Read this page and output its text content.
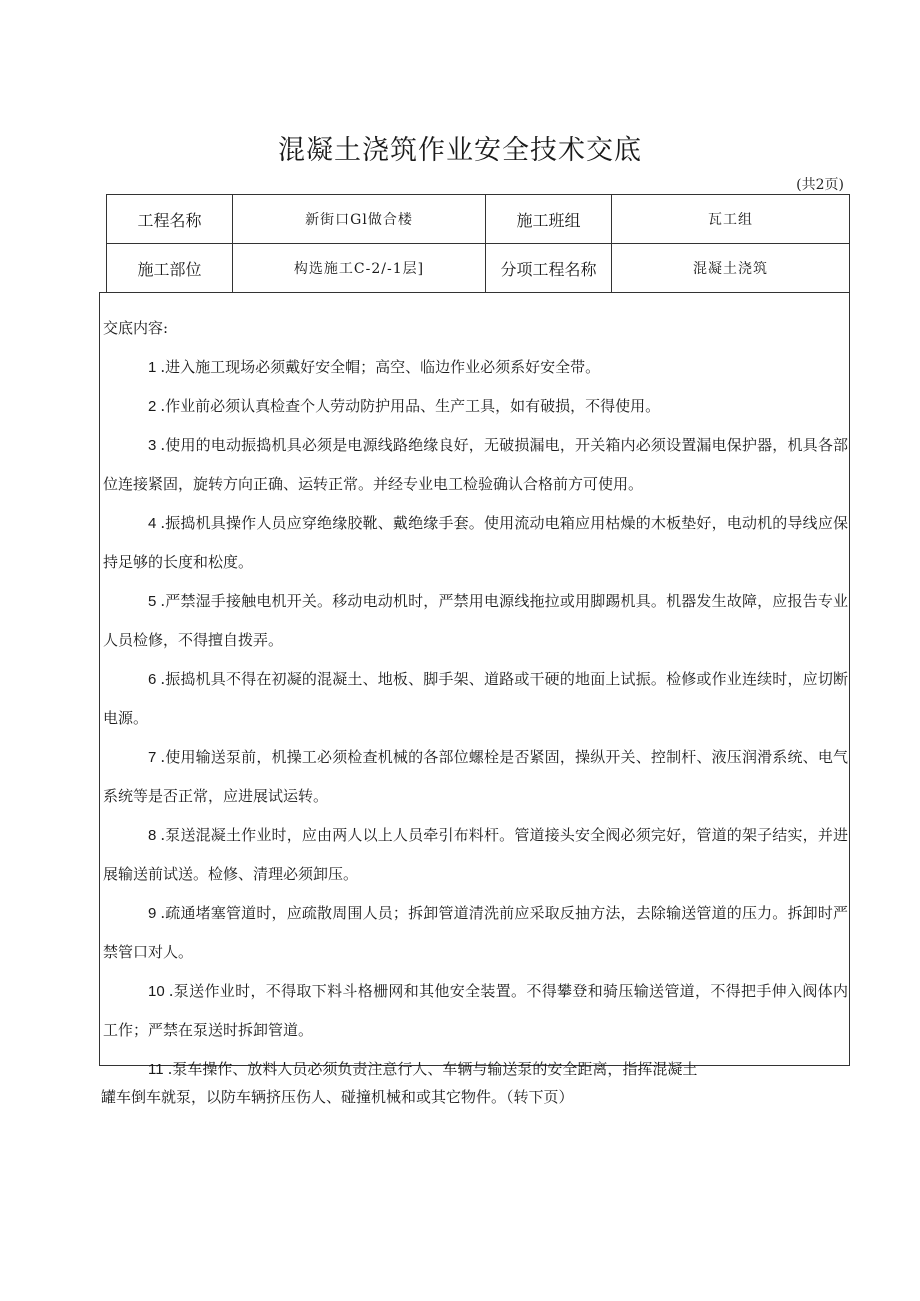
混凝土浇筑作业安全技术交底
(共2页)
工程名称	新街口Gl做合楼	施工班组	瓦工组
施工部位	构选施工C-2/-1层]	分项工程名称	混凝土浇筑
交底内容:

1 .进入施工现场必须戴好安全帽；高空、临边作业必须系好安全带。

2 .作业前必须认真检查个人劳动防护用品、生产工具，如有破损，不得使用。

3 .使用的电动振捣机具必须是电源线路绝缘良好，无破损漏电，开关箱内必须设置漏电保护器，机具各部位连接紧固，旋转方向正确、运转正常。并经专业电工检验确认合格前方可使用。

4 .振捣机具操作人员应穿绝缘胶靴、戴绝缘手套。使用流动电箱应用枯燥的木板垫好，电动机的导线应保持足够的长度和松度。

5 .严禁湿手接触电机开关。移动电动机时，严禁用电源线拖拉或用脚踢机具。机器发生故障，应报告专业人员检修，不得擅自拨弄。

6 .振捣机具不得在初凝的混凝土、地板、脚手架、道路或干硬的地面上试振。检修或作业连续时，应切断电源。

7 .使用输送泵前，机操工必须检查机械的各部位螺栓是否紧固，操纵开关、控制杆、液压润滑系统、电气系统等是否正常，应进展试运转。

8 .泵送混凝土作业时，应由两人以上人员牵引布料杆。管道接头安全阀必须完好，管道的架子结实，并进展输送前试送。检修、清理必须卸压。

9 .疏通堵塞管道时，应疏散周围人员；拆卸管道清洗前应采取反抽方法，去除输送管道的压力。拆卸时严禁管口对人。

10 .泵送作业时，不得取下料斗格栅网和其他安全装置。不得攀登和骑压输送管道，不得把手伸入阀体内工作；严禁在泵送时拆卸管道。

11 .泵车操作、放料人员必须负责注意行人、车辆与输送泵的安全距离，指挥混凝土

罐车倒车就泵，以防车辆挤压伤人、碰撞机械和或其它物件。（转下页）
